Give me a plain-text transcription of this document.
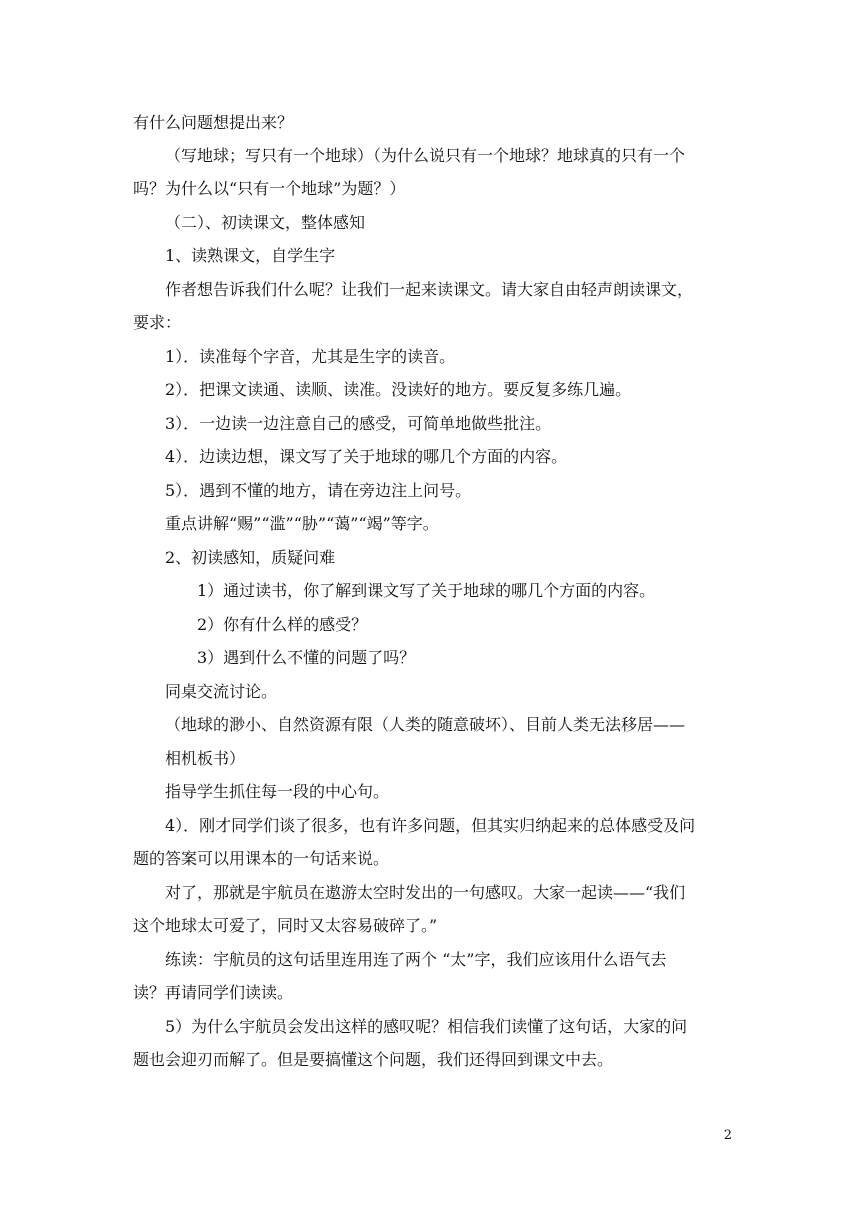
有什么问题想提出来？
（写地球；写只有一个地球）（为什么说只有一个地球？地球真的只有一个
吗？为什么以“只有一个地球”为题？）
（二）、初读课文，整体感知
1、读熟课文，自学生字
作者想告诉我们什么呢？让我们一起来读课文。请大家自由轻声朗读课文，
要求：
1）．读准每个字音，尤其是生字的读音。
2）．把课文读通、读顺、读准。没读好的地方。要反复多练几遍。
3）．一边读一边注意自己的感受，可简单地做些批注。
4）．边读边想，课文写了关于地球的哪几个方面的内容。
5）．遇到不懂的地方，请在旁边注上问号。
重点讲解“赐”“滥”“胁”“蔼”“竭”等字。
2、初读感知，质疑问难
1）通过读书，你了解到课文写了关于地球的哪几个方面的内容。
2）你有什么样的感受？
3）遇到什么不懂的问题了吗？
同桌交流讨论。
（地球的渺小、自然资源有限（人类的随意破坏）、目前人类无法移居——
相机板书）
指导学生抓住每一段的中心句。
4）．刚才同学们谈了很多，也有许多问题，但其实归纳起来的总体感受及问
题的答案可以用课本的一句话来说。
对了，那就是宇航员在遨游太空时发出的一句感叹。大家一起读——“我们
这个地球太可爱了，同时又太容易破碎了。”
练读：宇航员的这句话里连用连了两个 “太”字，我们应该用什么语气去
读？再请同学们读读。
5）为什么宇航员会发出这样的感叹呢？相信我们读懂了这句话，大家的问
题也会迎刃而解了。但是要搞懂这个问题，我们还得回到课文中去。
2
